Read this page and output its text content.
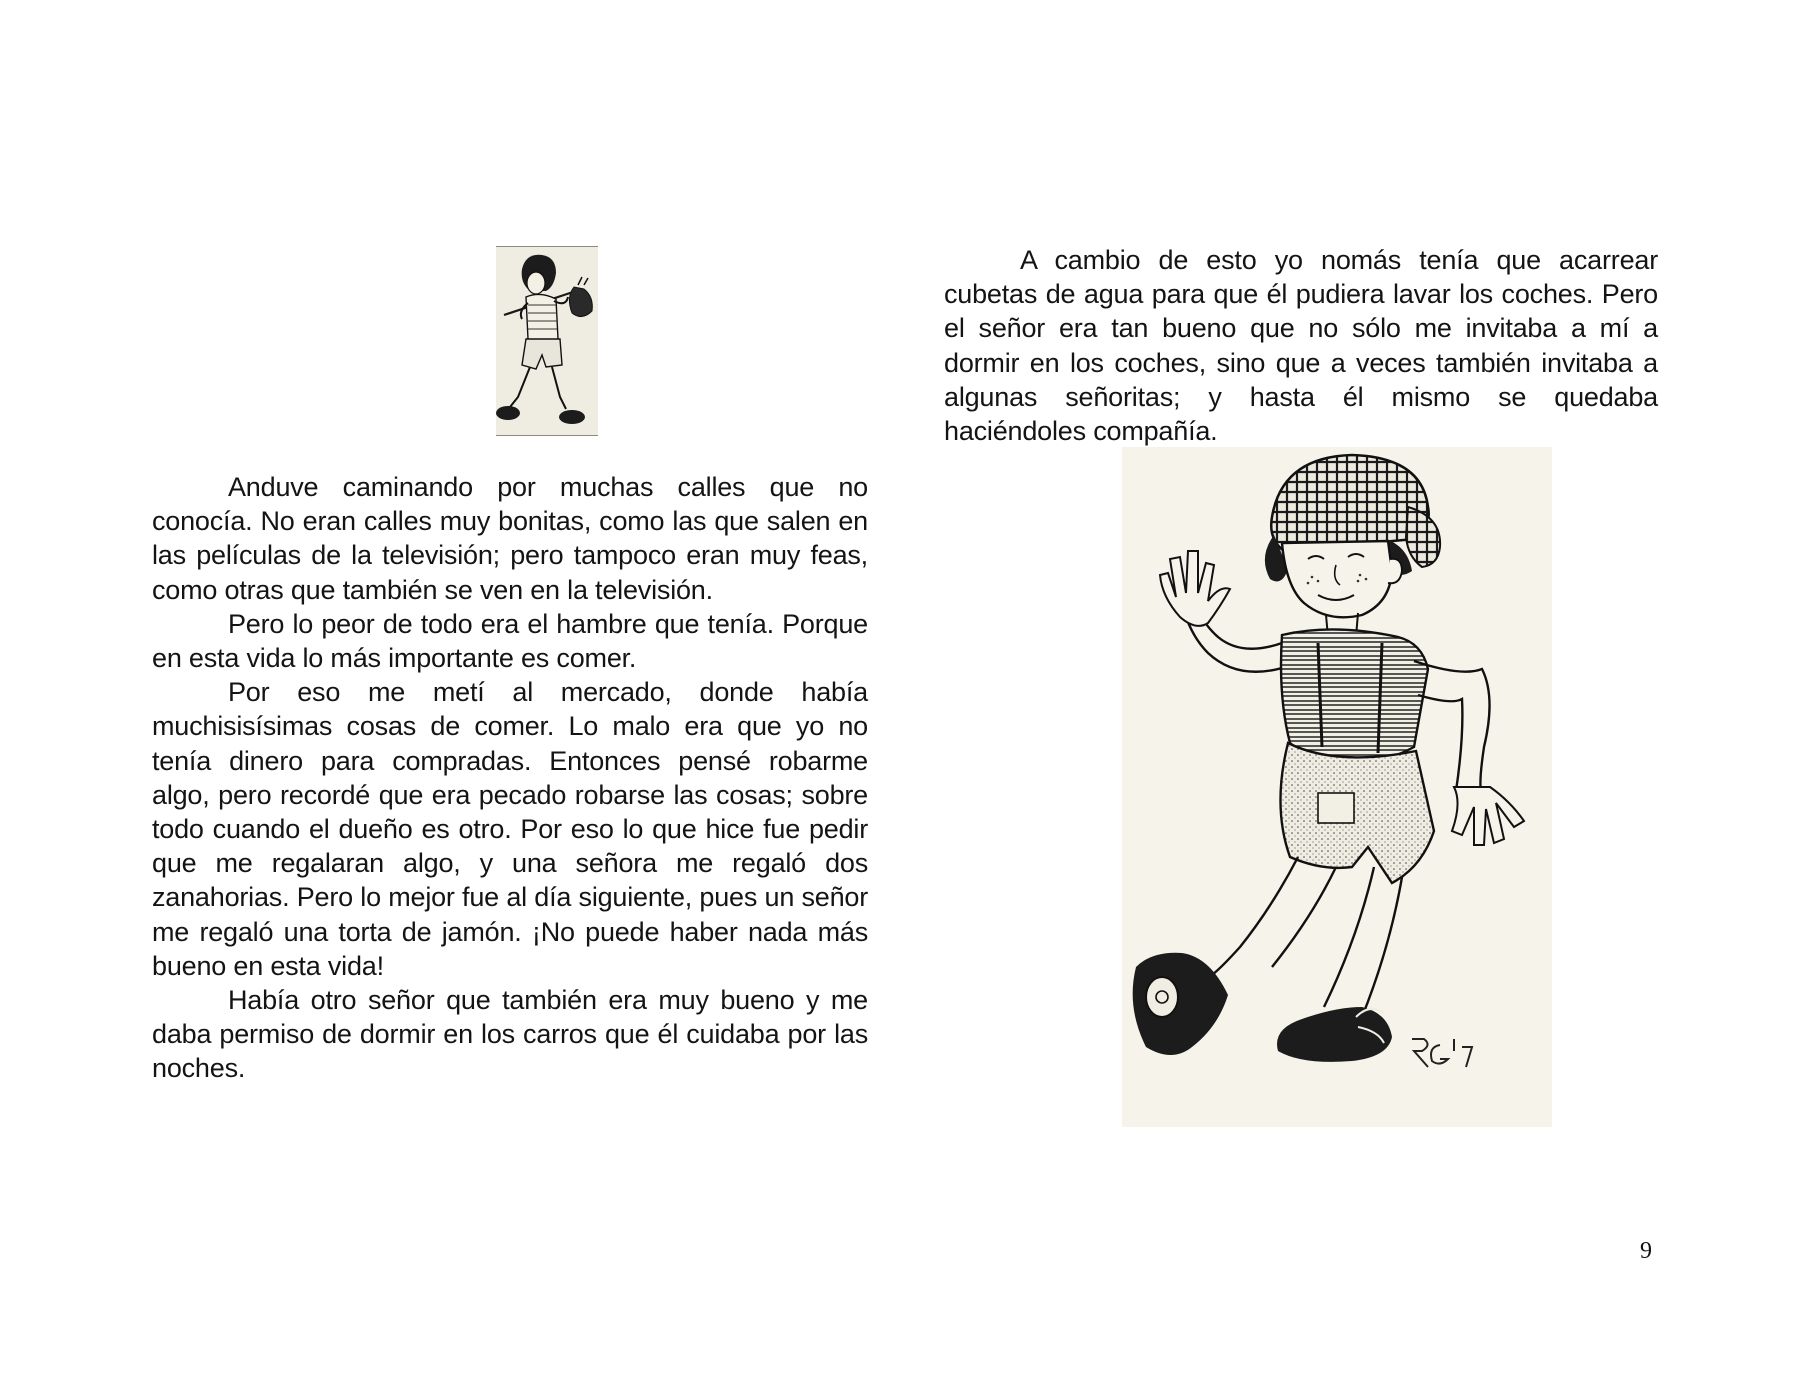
Anduve caminando por muchas calles que no conocía. No eran calles muy bonitas, como las que salen en las películas de la televisión; pero tampoco eran muy feas, como otras que también se ven en la televisión.

Pero lo peor de todo era el hambre que tenía. Porque en esta vida lo más importante es comer.

Por eso me metí al mercado, donde había muchisisísimas cosas de comer. Lo malo era que yo no tenía dinero para compradas. Entonces pensé robarme algo, pero recordé que era pecado robarse las cosas; sobre todo cuando el dueño es otro. Por eso lo que hice fue pedir que me regalaran algo, y una señora me regaló dos zanahorias. Pero lo mejor fue al día siguiente, pues un señor me regaló una torta de jamón. ¡No puede haber nada más bueno en esta vida!

Había otro señor que también era muy bueno y me daba permiso de dormir en los carros que él cuidaba por las noches.

A cambio de esto yo nomás tenía que acarrear cubetas de agua para que él pudiera lavar los coches. Pero el señor era tan bueno que no sólo me invitaba a mí a dormir en los coches, sino que a veces también invitaba a algunas señoritas; y hasta él mismo se quedaba haciéndoles compañía.

9
